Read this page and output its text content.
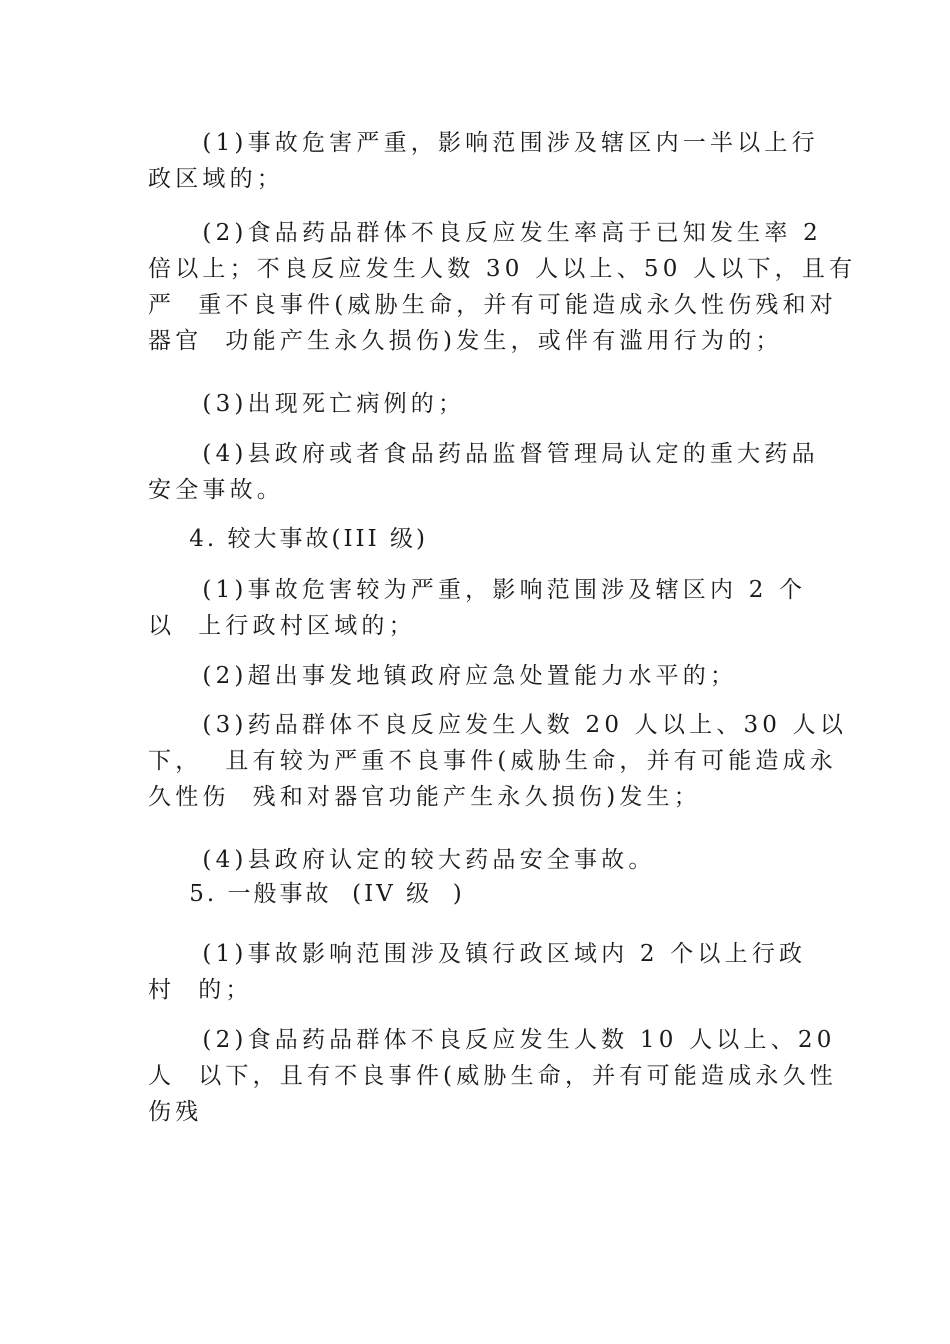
　　(1)事故危害严重，影响范围涉及辖区内一半以上行
政区域的；
　　(2)食品药品群体不良反应发生率高于已知发生率 2
倍以上；不良反应发生人数 30 人以上、50 人以下，且有
严  重不良事件(威胁生命，并有可能造成永久性伤残和对
器官  功能产生永久损伤)发生，或伴有滥用行为的；
　　(3)出现死亡病例的；
　　(4)县政府或者食品药品监督管理局认定的重大药品
安全事故。
4. 较大事故(III 级)
　　(1)事故危害较为严重，影响范围涉及辖区内 2 个
以  上行政村区域的；
　　(2)超出事发地镇政府应急处置能力水平的；
　　(3)药品群体不良反应发生人数 20 人以上、30 人以
下，  且有较为严重不良事件(威胁生命，并有可能造成永
久性伤  残和对器官功能产生永久损伤)发生；
　　(4)县政府认定的较大药品安全事故。
5. 一般事故  (IV 级  )
　　(1)事故影响范围涉及镇行政区域内 2 个以上行政
村  的；
　　(2)食品药品群体不良反应发生人数 10 人以上、20
人  以下，且有不良事件(威胁生命，并有可能造成永久性
伤残
